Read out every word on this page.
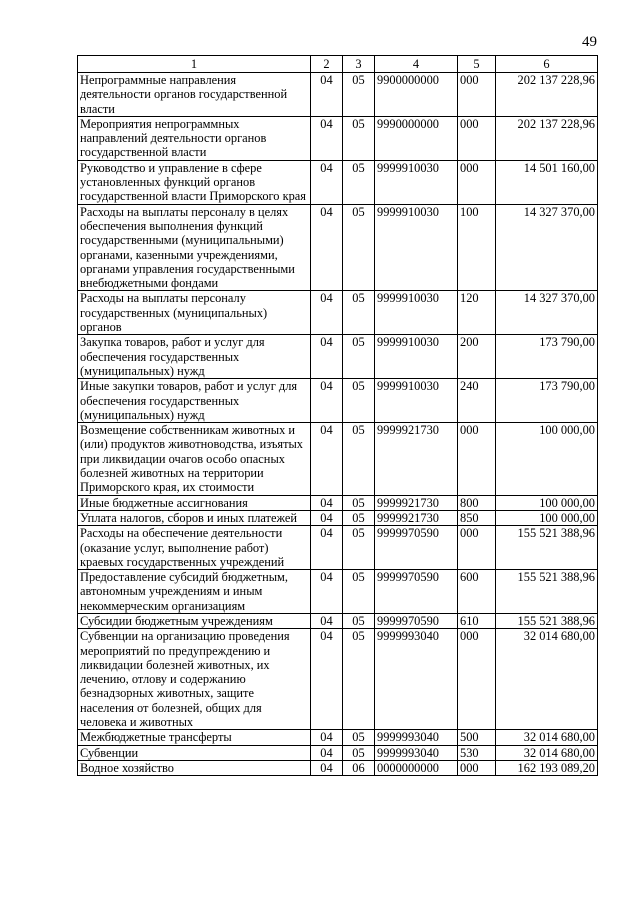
49
1	2	3	4	5	6
Непрограммные направления деятельности органов государственной власти	04	05	9900000000	000	202 137 228,96
Мероприятия непрограммных направлений деятельности органов государственной власти	04	05	9990000000	000	202 137 228,96
Руководство и управление в сфере установленных функций органов государственной власти Приморского края	04	05	9999910030	000	14 501 160,00
Расходы на выплаты персоналу в целях обеспечения выполнения функций государственными (муниципальными) органами, казенными учреждениями, органами управления государственными внебюджетными фондами	04	05	9999910030	100	14 327 370,00
Расходы на выплаты персоналу государственных (муниципальных) органов	04	05	9999910030	120	14 327 370,00
Закупка товаров, работ и услуг для обеспечения государственных (муниципальных) нужд	04	05	9999910030	200	173 790,00
Иные закупки товаров, работ и услуг для обеспечения государственных (муниципальных) нужд	04	05	9999910030	240	173 790,00
Возмещение собственникам животных и (или) продуктов животноводства, изъятых при ликвидации очагов особо опасных болезней животных на территории Приморского края, их стоимости	04	05	9999921730	000	100 000,00
Иные бюджетные ассигнования	04	05	9999921730	800	100 000,00
Уплата налогов, сборов и иных платежей	04	05	9999921730	850	100 000,00
Расходы на обеспечение деятельности (оказание услуг, выполнение работ) краевых государственных учреждений	04	05	9999970590	000	155 521 388,96
Предоставление субсидий бюджетным, автономным учреждениям и иным некоммерческим организациям	04	05	9999970590	600	155 521 388,96
Субсидии бюджетным учреждениям	04	05	9999970590	610	155 521 388,96
Субвенции на организацию проведения мероприятий по предупреждению и ликвидации болезней животных, их лечению, отлову и содержанию безнадзорных животных, защите населения от болезней, общих для человека и животных	04	05	9999993040	000	32 014 680,00
Межбюджетные трансферты	04	05	9999993040	500	32 014 680,00
Субвенции	04	05	9999993040	530	32 014 680,00
Водное хозяйство	04	06	0000000000	000	162 193 089,20
